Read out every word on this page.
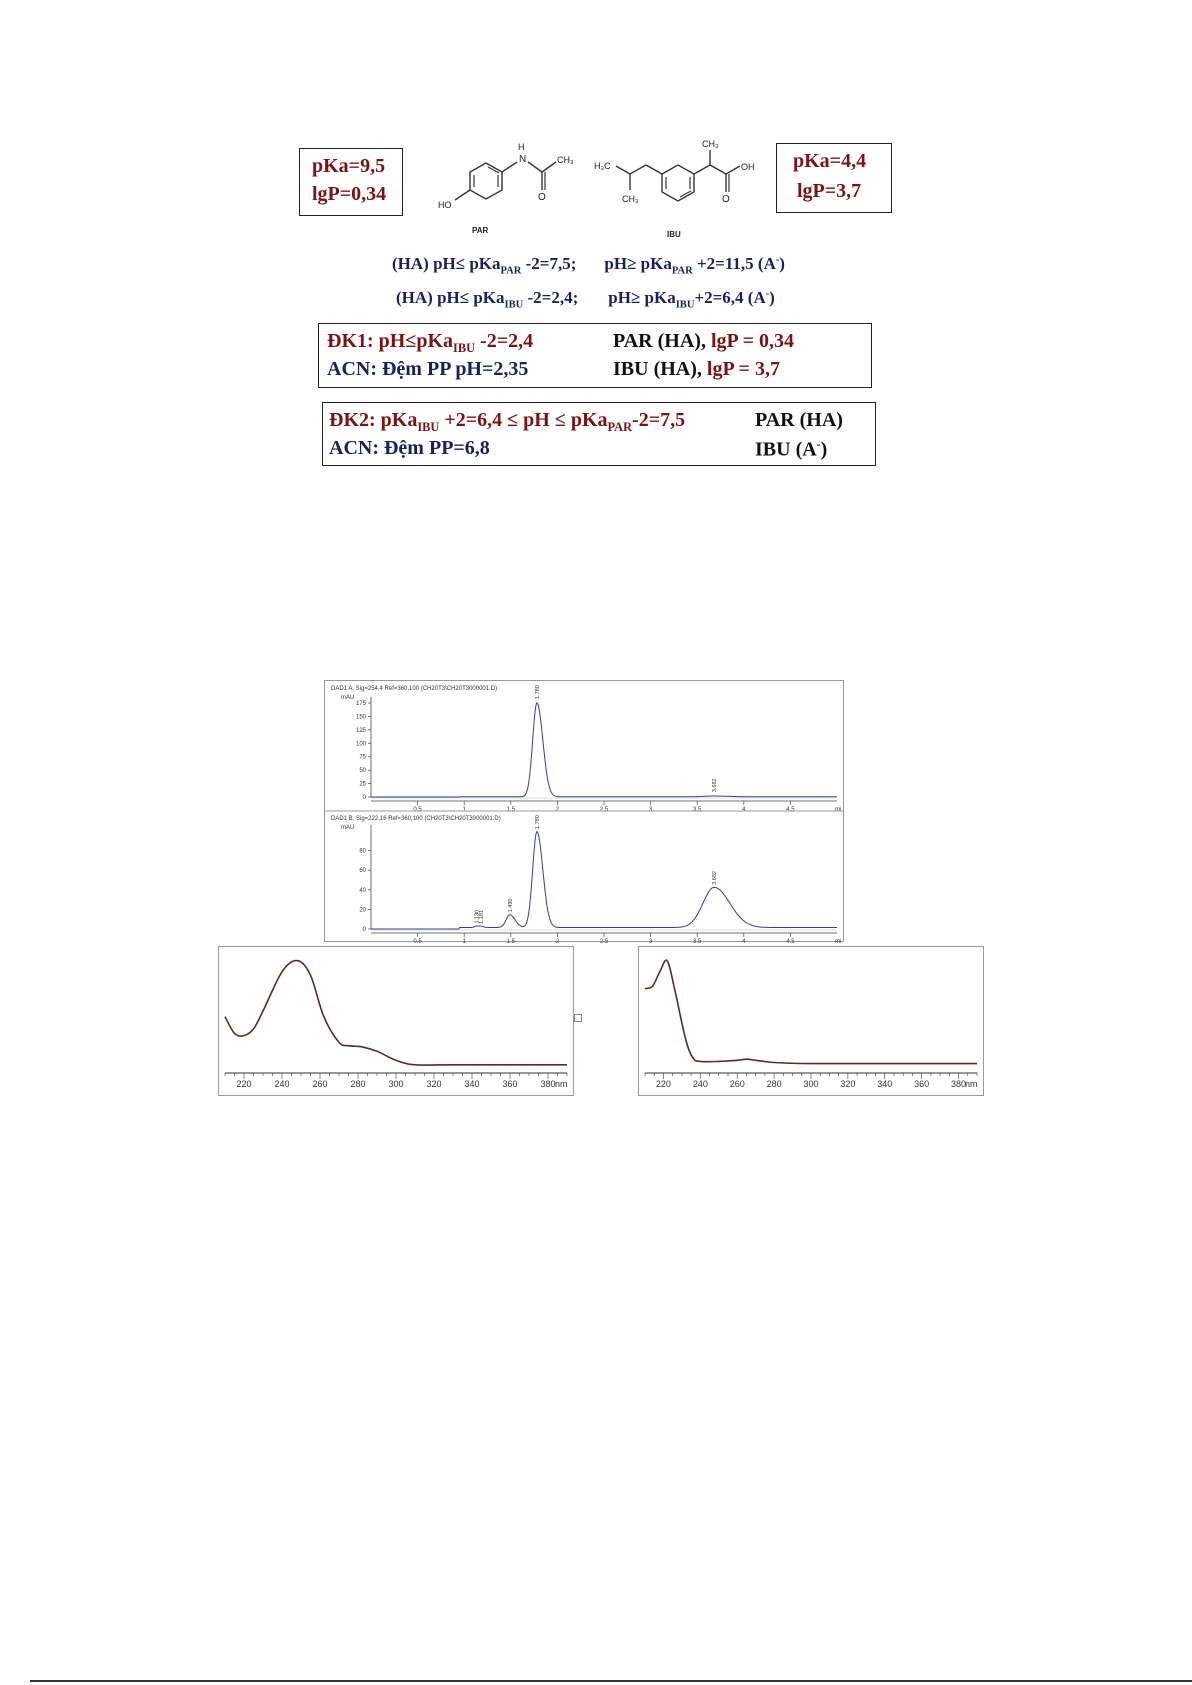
pKa=9,5
lgP=0,34
pKa=4,4
lgP=3,7
H
N	CH₃
O
HO
PAR
H₃C
CH₃
CH₃
OH
O
IBU
(HA) pH≤ pKa$_{PAR}$ -2=7,5; pH≥ pKa$_{PAR}$ +2=11,5 (A-)
(HA) pH≤ pKa$_{IBU}$ -2=2,4; pH≥ pKa$_{IBU}$+2=6,4 (A-)
ĐK1: pH≤pKa$_{IBU}$ -2=2,4	PAR (HA), lgP = 0,34
ACN: Đệm PP pH=2,35	IBU (HA), lgP = 3,7
ĐK2: pKa$_{IBU}$ +2=6,4 ≤ pH ≤ pKa$_{PAR}$-2=7,5	PAR (HA)
ACN: Đệm PP=6,8	IBU (A-)
DAD1 A, Sig=254,4 Ref=360,100 (CH20T3\CH20T3000001.D)
mAU
0
25
50
75
100
125
150
175
0.5	1	1.5	2	2.5	3	3.5	4	4.5	mi
1.780
3.682
DAD1 B, Sig=222,16 Ref=360,100 (CH20T3\CH20T3000001.D)
mAU
0
20
40
60
80
0.5	1	1.5	2	2.5	3	3.5	4	4.5	mi
1.130
1.181
1.490
1.780
3.682
220	240	260	280	300	320	340	360	380 nm	220 240 260 280 300 320 340 360 380
nm
